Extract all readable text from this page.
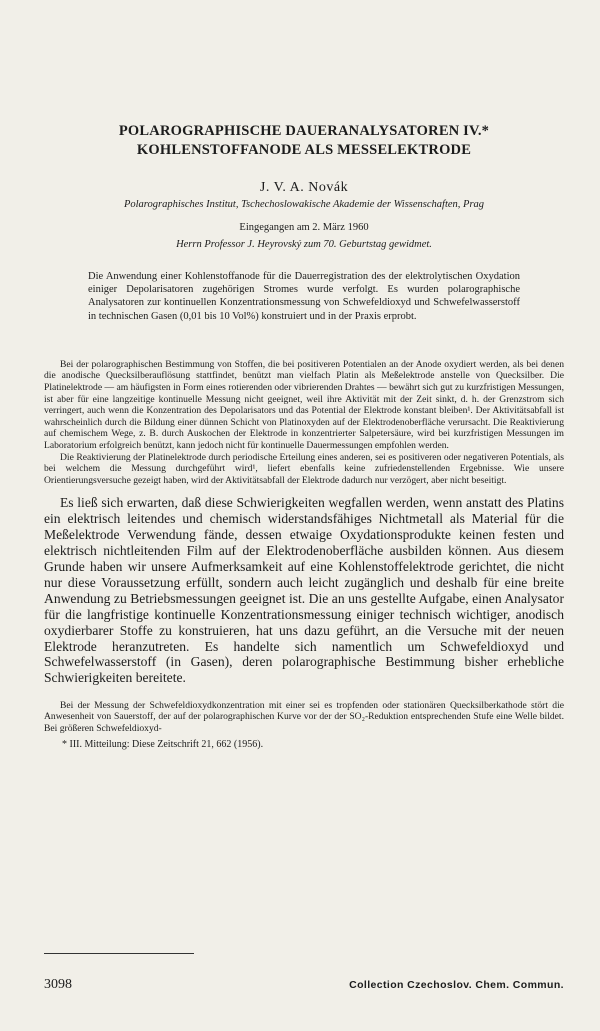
POLAROGRAPHISCHE DAUERANALYSATOREN IV.*
KOHLENSTOFFANODE ALS MESSELEKTRODE
J. V. A. Novák
Polarographisches Institut, Tschechoslowakische Akademie der Wissenschaften, Prag
Eingegangen am 2. März 1960
Herrn Professor J. Heyrovský zum 70. Geburtstag gewidmet.
Die Anwendung einer Kohlenstoffanode für die Dauerregistration des der elektrolytischen Oxydation einiger Depolarisatoren zugehörigen Stromes wurde verfolgt. Es wurden polarographische Analysatoren zur kontinuellen Konzentrationsmessung von Schwefeldioxyd und Schwefelwasserstoff in technischen Gasen (0,01 bis 10 Vol%) konstruiert und in der Praxis erprobt.

Bei der polarographischen Bestimmung von Stoffen, die bei positiveren Potentialen an der Anode oxydiert werden, als bei denen die anodische Quecksilberauflösung stattfindet, benützt man vielfach Platin als Meßelektrode anstelle von Quecksilber. Die Platinelektrode — am häufigsten in Form eines rotierenden oder vibrierenden Drahtes — bewährt sich gut zu kurzfristigen Messungen, ist aber für eine langzeitige kontinuelle Messung nicht geeignet, weil ihre Aktivität mit der Zeit sinkt, d. h. der Grenzstrom sich verringert, auch wenn die Konzentration des Depolarisators und das Potential der Elektrode konstant bleiben¹. Der Aktivitätsabfall ist wahrscheinlich durch die Bildung einer dünnen Schicht von Platinoxyden auf der Elektrodenoberfläche verursacht. Die Reaktivierung auf chemischem Wege, z. B. durch Auskochen der Elektrode in konzentrierter Salpetersäure, wird bei kurzfristigen Messungen im Laboratorium erfolgreich benützt, kann jedoch nicht für kontinuelle Dauermessungen empfohlen werden.

Die Reaktivierung der Platinelektrode durch periodische Erteilung eines anderen, sei es positiveren oder negativeren Potentials, als bei welchem die Messung durchgeführt wird¹, liefert ebenfalls keine zufriedenstellenden Ergebnisse. Wie unsere Orientierungsversuche gezeigt haben, wird der Aktivitätsabfall der Elektrode dadurch nur verzögert, aber nicht beseitigt.

Es ließ sich erwarten, daß diese Schwierigkeiten wegfallen werden, wenn anstatt des Platins ein elektrisch leitendes und chemisch widerstandsfähiges Nichtmetall als Material für die Meßelektrode Verwendung fände, dessen etwaige Oxydationsprodukte keinen festen und elektrisch nichtleitenden Film auf der Elektrodenoberfläche ausbilden können. Aus diesem Grunde haben wir unsere Aufmerksamkeit auf eine Kohlenstoffelektrode gerichtet, die nicht nur diese Voraussetzung erfüllt, sondern auch leicht zugänglich und deshalb für eine breite Anwendung zu Betriebsmessungen geeignet ist. Die an uns gestellte Aufgabe, einen Analysator für die langfristige kontinuelle Konzentrationsmessung einiger technisch wichtiger, anodisch oxydierbarer Stoffe zu konstruieren, hat uns dazu geführt, an die Versuche mit der neuen Elektrode heranzutreten. Es handelte sich namentlich um Schwefeldioxyd und Schwefelwasserstoff (in Gasen), deren polarographische Bestimmung bisher erhebliche Schwierigkeiten bereitete.

Bei der Messung der Schwefeldioxydkonzentration mit einer sei es tropfenden oder stationären Quecksilberkathode stört die Anwesenheit von Sauerstoff, der auf der polarographischen Kurve vor der der SO₂-Reduktion entsprechenden Stufe eine Welle bildet. Bei größeren Schwefeldioxyd-

* III. Mitteilung: Diese Zeitschrift 21, 662 (1956).
3098	Collection Czechoslov. Chem. Commun.
